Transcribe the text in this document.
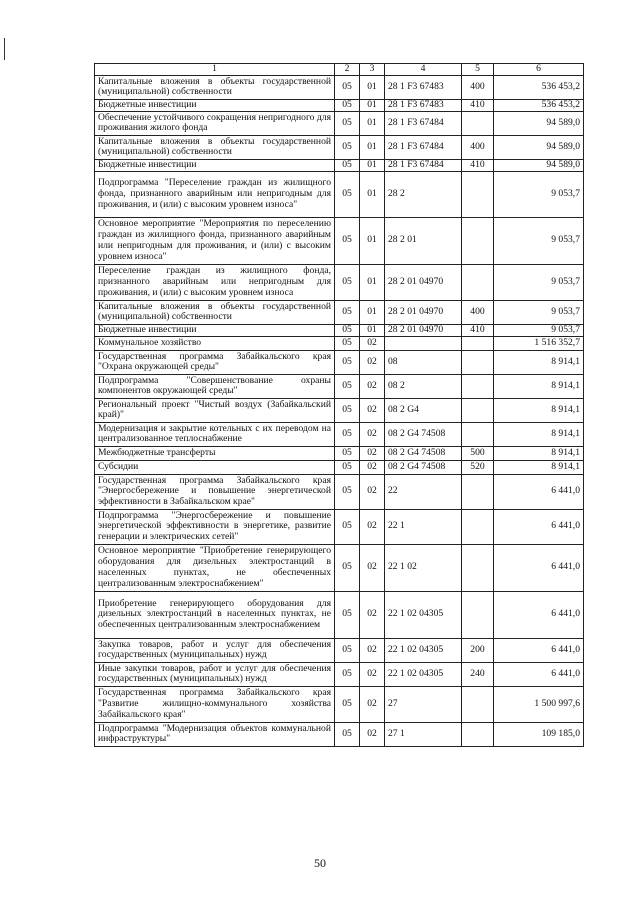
1	2	3	4	5	6
Капитальные вложения в объекты государственной (муниципальной) собственности	05	01	28 1 F3 67483	400	536 453,2
Бюджетные инвестиции	05	01	28 1 F3 67483	410	536 453,2
Обеспечение устойчивого сокращения непригодного для проживания жилого фонда	05	01	28 1 F3 67484		94 589,0
Капитальные вложения в объекты государственной (муниципальной) собственности	05	01	28 1 F3 67484	400	94 589,0
Бюджетные инвестиции	05	01	28 1 F3 67484	410	94 589,0
Подпрограмма "Переселение граждан из жилищного фонда, признанного аварийным или непригодным для проживания, и (или) с высоким уровнем износа"	05	01	28 2		9 053,7
Основное мероприятие "Мероприятия по переселению граждан из жилищного фонда, признанного аварийным или непригодным для проживания, и (или) с высоким уровнем износа"	05	01	28 2 01		9 053,7
Переселение граждан из жилищного фонда, признанного аварийным или непригодным для проживания, и (или) с высоким уровнем износа	05	01	28 2 01 04970		9 053,7
Капитальные вложения в объекты государственной (муниципальной) собственности	05	01	28 2 01 04970	400	9 053,7
Бюджетные инвестиции	05	01	28 2 01 04970	410	9 053,7
Коммунальное хозяйство	05	02			1 516 352,7
Государственная программа Забайкальского края "Охрана окружающей среды"	05	02	08		8 914,1
Подпрограмма "Совершенствование охраны компонентов окружающей среды"	05	02	08 2		8 914,1
Региональный проект "Чистый воздух (Забайкальский край)"	05	02	08 2 G4		8 914,1
Модернизация и закрытие котельных с их переводом на централизованное теплоснабжение	05	02	08 2 G4 74508		8 914,1
Межбюджетные трансферты	05	02	08 2 G4 74508	500	8 914,1
Субсидии	05	02	08 2 G4 74508	520	8 914,1
Государственная программа Забайкальского края "Энергосбережение и повышение энергетической эффективности в Забайкальском крае"	05	02	22		6 441,0
Подпрограмма "Энергосбережение и повышение энергетической эффективности в энергетике, развитие генерации и электрических сетей"	05	02	22 1		6 441,0
Основное мероприятие "Приобретение генерирующего оборудования для дизельных электростанций в населенных пунктах, не обеспеченных централизованным электроснабжением"	05	02	22 1 02		6 441,0
Приобретение генерирующего оборудования для дизельных электростанций в населенных пунктах, не обеспеченных централизованным электроснабжением	05	02	22 1 02 04305		6 441,0
Закупка товаров, работ и услуг для обеспечения государственных (муниципальных) нужд	05	02	22 1 02 04305	200	6 441,0
Иные закупки товаров, работ и услуг для обеспечения государственных (муниципальных) нужд	05	02	22 1 02 04305	240	6 441,0
Государственная программа Забайкальского края "Развитие жилищно-коммунального хозяйства Забайкальского края"	05	02	27		1 500 997,6
Подпрограмма "Модернизация объектов коммунальной инфраструктуры"	05	02	27 1		109 185,0
50
